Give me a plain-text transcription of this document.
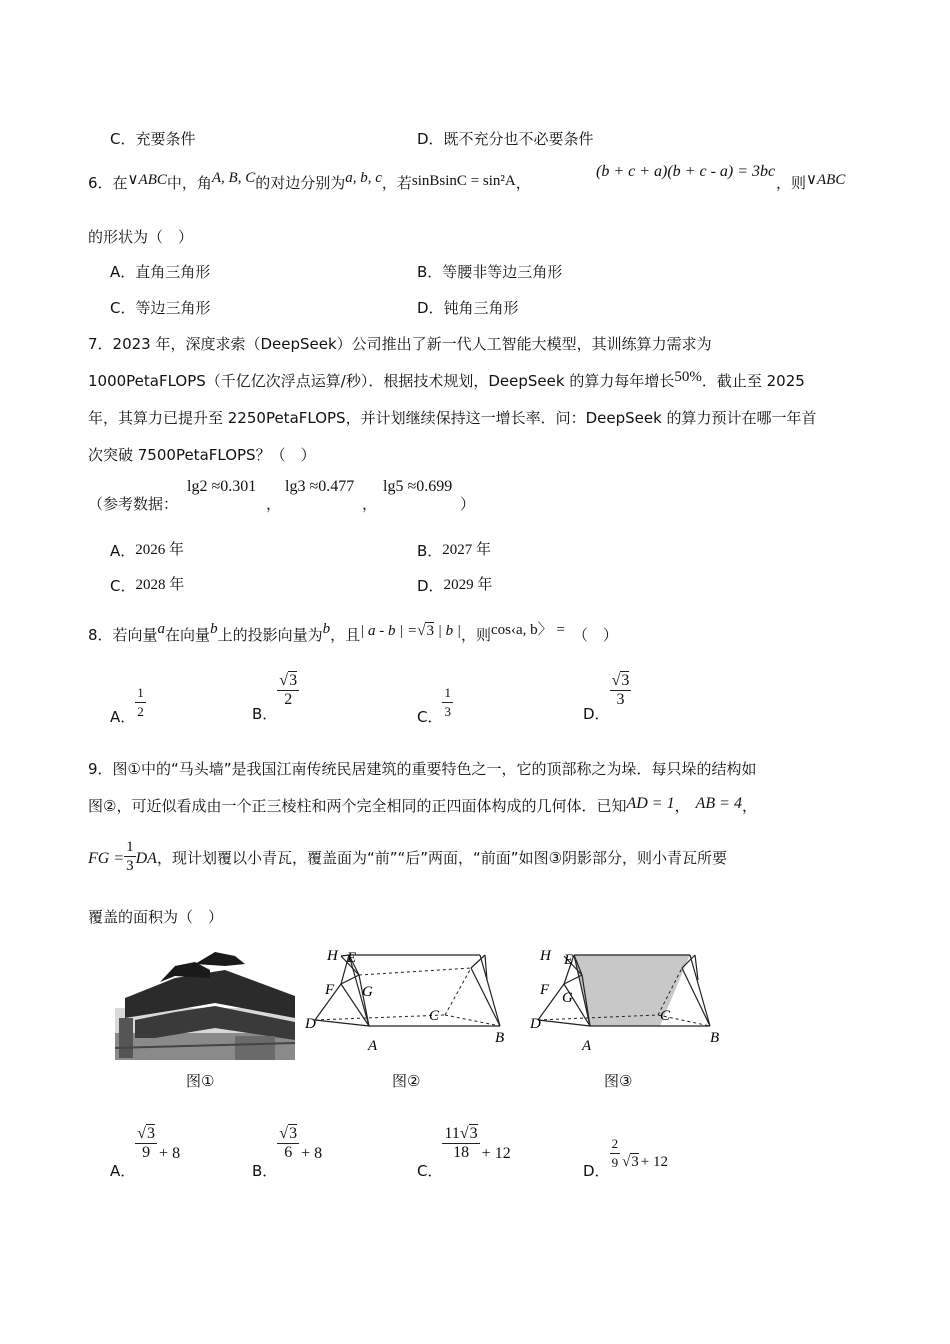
C．充要条件	D．既不充分也不必要条件
6．在∨ABC中，角A, B, C的对边分别为a, b, c，若sinBsinC = sin²A，
(b + c + a)(b + c - a) = 3bc
，则∨ABC
的形状为（　）
A．直角三角形	B．等腰非等边三角形
C．等边三角形	D．钝角三角形
7．2023 年，深度求索（DeepSeek）公司推出了新一代人工智能大模型，其训练算力需求为
1000PetaFLOPS（千亿亿次浮点运算/秒）．根据技术规划，DeepSeek 的算力每年增长50%．截止至 2025
年，其算力已提升至 2250PetaFLOPS，并计划继续保持这一增长率．问：DeepSeek 的算力预计在哪一年首
次突破 7500PetaFLOPS？（　）
（参考数据：
lg2 ≈0.301
，
lg3 ≈0.477
，
lg5 ≈0.699
）
A．2026 年	B．2027 年
C．2028 年	D．2029 年
8．若向量a在向量b上的投影向量为b，且| a - b | =√3 | b |，则cos‹a, b〉 = （　）
A． $\frac{1}{2}$	B．
$\frac{√3}{2}$
C． $\frac{1}{3}$	D．
$\frac{√3}{3}$
9．图①中的“马头墙”是我国江南传统民居建筑的重要特色之一，它的顶部称之为垛．每只垛的结构如
图②，可近似看成由一个正三棱柱和两个完全相同的正四面体构成的几何体．已知AD = 1， AB = 4，
FG = $\frac{1}{3}$ DA，现计划覆以小青瓦，覆盖面为“前”“后”两面，“前面”如图③阴影部分，则小青瓦所要
覆盖的面积为（　）
图①
H E
F G
D
A
C
B
图②
H E
F G
D
A
C
B
图③
A．
$\frac{√3}{9} + 8$
B．
$\frac{√3}{6} + 8$
C．
$\frac{11√3}{18} + 12$
D． $\frac{2}{9} √3 + 12$
